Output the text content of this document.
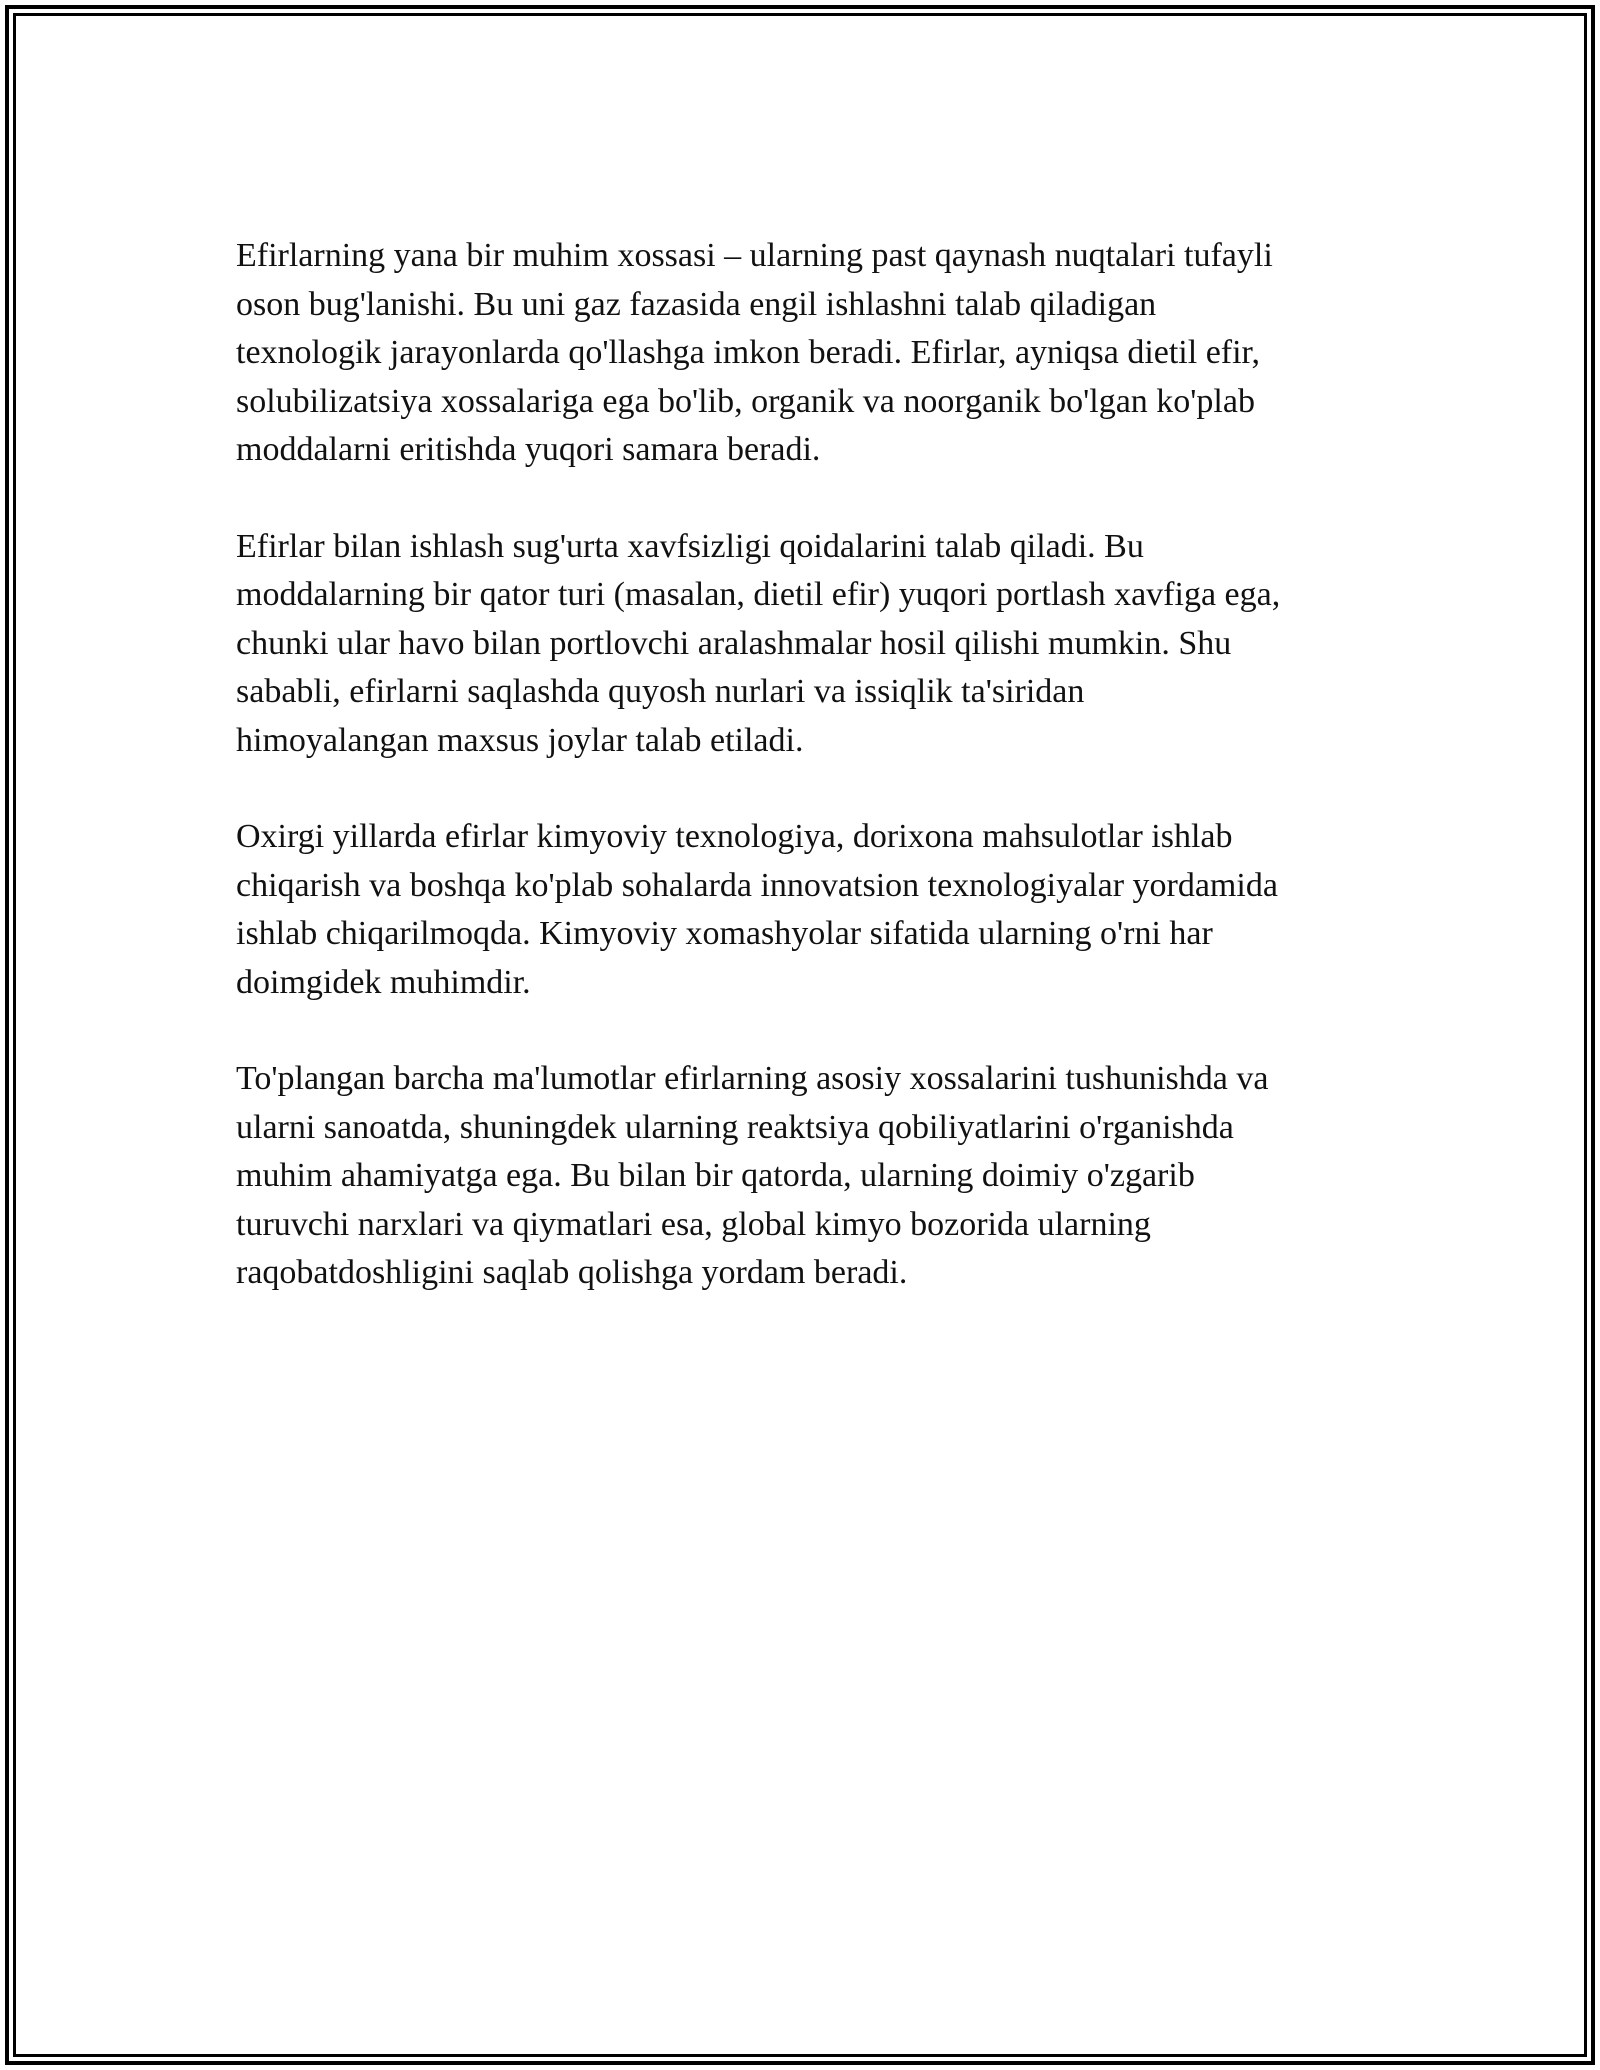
Efirlarning yana bir muhim xossasi – ularning past qaynash nuqtalari tufayli
oson bug'lanishi. Bu uni gaz fazasida engil ishlashni talab qiladigan
texnologik jarayonlarda qo'llashga imkon beradi. Efirlar, ayniqsa dietil efir,
solubilizatsiya xossalariga ega bo'lib, organik va noorganik bo'lgan ko'plab
moddalarni eritishda yuqori samara beradi.

Efirlar bilan ishlash sug'urta xavfsizligi qoidalarini talab qiladi. Bu
moddalarning bir qator turi (masalan, dietil efir) yuqori portlash xavfiga ega,
chunki ular havo bilan portlovchi aralashmalar hosil qilishi mumkin. Shu
sababli, efirlarni saqlashda quyosh nurlari va issiqlik ta'siridan
himoyalangan maxsus joylar talab etiladi.

Oxirgi yillarda efirlar kimyoviy texnologiya, dorixona mahsulotlar ishlab
chiqarish va boshqa ko'plab sohalarda innovatsion texnologiyalar yordamida
ishlab chiqarilmoqda. Kimyoviy xomashyolar sifatida ularning o'rni har
doimgidek muhimdir.

To'plangan barcha ma'lumotlar efirlarning asosiy xossalarini tushunishda va
ularni sanoatda, shuningdek ularning reaktsiya qobiliyatlarini o'rganishda
muhim ahamiyatga ega. Bu bilan bir qatorda, ularning doimiy o'zgarib
turuvchi narxlari va qiymatlari esa, global kimyo bozorida ularning
raqobatdoshligini saqlab qolishga yordam beradi.
